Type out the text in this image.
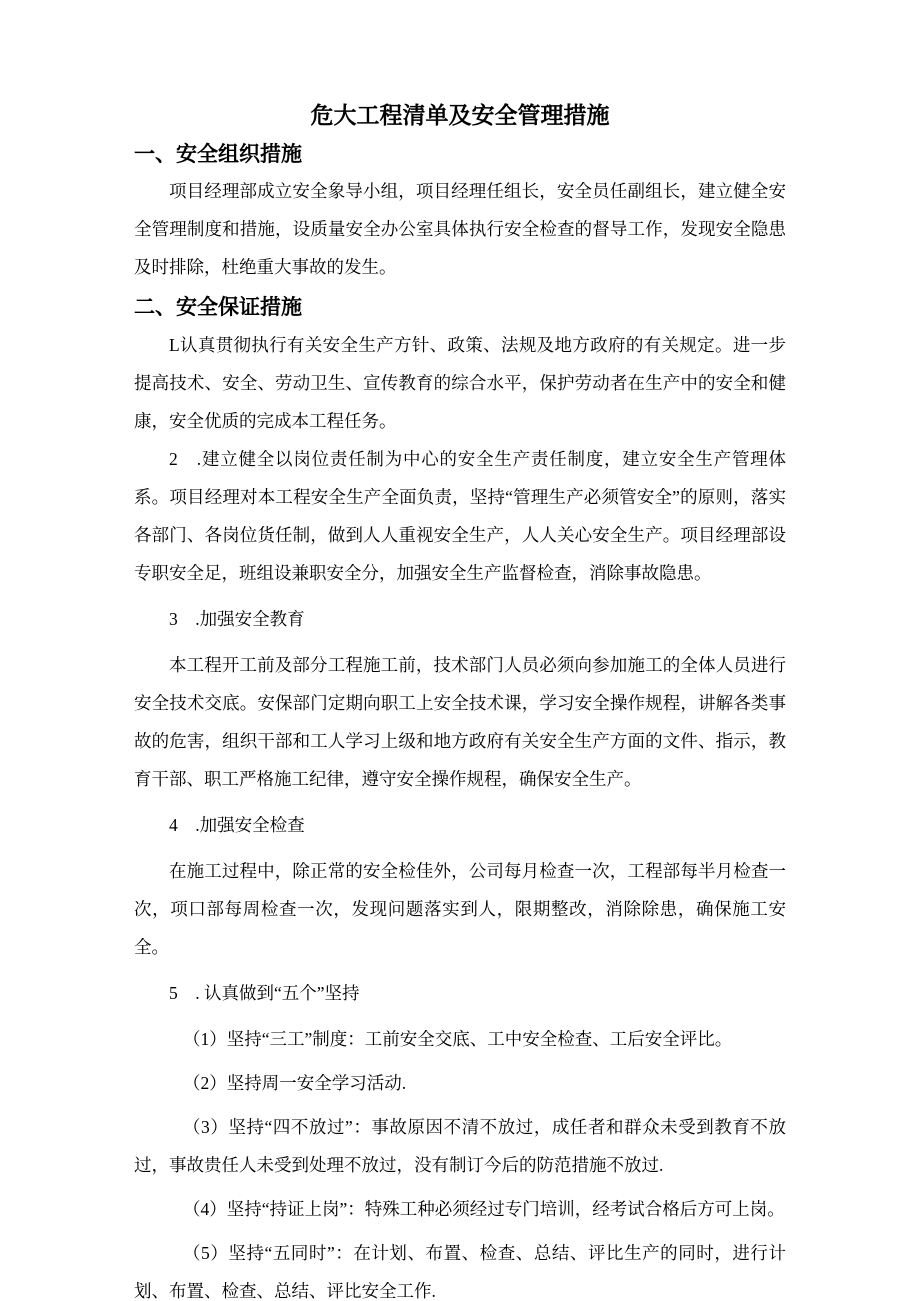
危大工程清单及安全管理措施
一、安全组织措施

项目经理部成立安全象导小组，项目经理任组长，安全员任副组长，建立健全安全管理制度和措施，设质量安全办公室具体执行安全检查的督导工作，发现安全隐患及时排除，杜绝重大事故的发生。

二、安全保证措施

L认真贯彻执行有关安全生产方针、政策、法规及地方政府的有关规定。进一步提高技术、安全、劳动卫生、宣传教育的综合水平，保护劳动者在生产中的安全和健康，安全优质的完成本工程任务。

2　.建立健全以岗位责任制为中心的安全生产责任制度，建立安全生产管理体系。项目经理对本工程安全生产全面负责，坚持“管理生产必须管安全”的原则，落实各部门、各岗位货任制，做到人人重视安全生产，人人关心安全生产。项目经理部设专职安全足，班组设兼职安全分，加强安全生产监督检查，消除事故隐患。

3　.加强安全教育

本工程开工前及部分工程施工前，技术部门人员必须向参加施工的全体人员进行安全技术交底。安保部门定期向职工上安全技术课，学习安全操作规程，讲解各类事故的危害，组织干部和工人学习上级和地方政府有关安全生产方面的文件、指示，教育干部、职工严格施工纪律，遵守安全操作规程，确保安全生产。

4　.加强安全检查

在施工过程中，除正常的安全检佳外，公司每月检查一次，工程部每半月检查一次，项口部每周检查一次，发现问题落实到人，限期整改，消除除患，确保施工安全。

5　. 认真做到“五个”坚持

（1）坚持“三工”制度：工前安全交底、工中安全检查、工后安全评比。

（2）坚持周一安全学习活动.

（3）坚持“四不放过”：事故原因不清不放过，成任者和群众未受到教育不放过，事故贵任人未受到处理不放过，没有制订今后的防范措施不放过.

（4）坚持“持证上岗”：特殊工种必须经过专门培训，经考试合格后方可上岗。

（5）坚持“五同时”：在计划、布置、检查、总结、评比生产的同时，进行计划、布置、检查、总结、评比安全工作.
